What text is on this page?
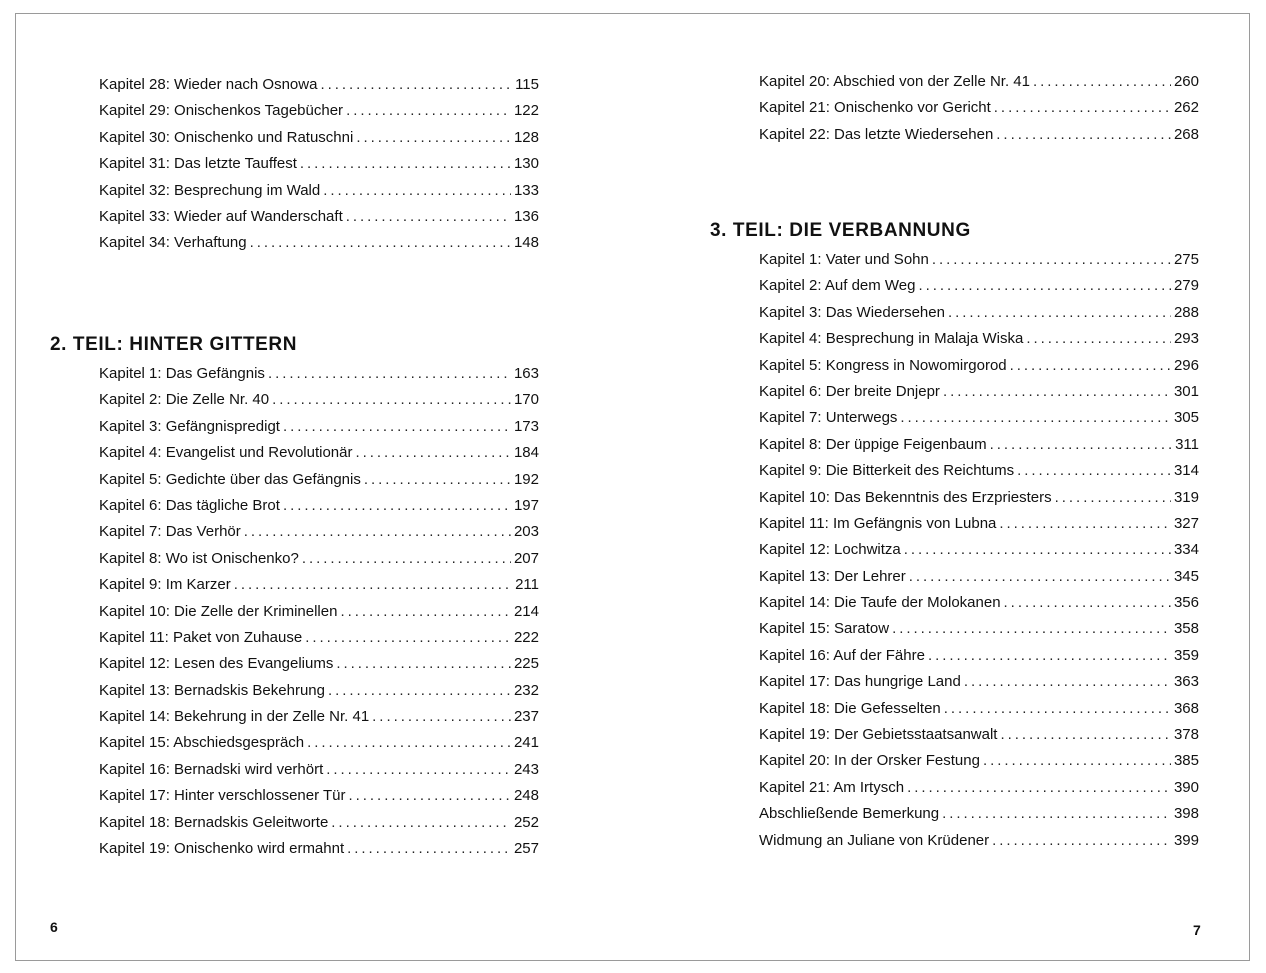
Kapitel 28: Wieder nach Osnowa . . .	115
Kapitel 29: Onischenkos Tagebücher . . .	122
Kapitel 30: Onischenko und Ratuschni . . .	128
Kapitel 31: Das letzte Tauffest . . .	130
Kapitel 32: Besprechung im Wald . . .	133
Kapitel 33: Wieder auf Wanderschaft . . .	136
Kapitel 34: Verhaftung . . .	148
2. TEIL: HINTER GITTERN
Kapitel 1: Das Gefängnis . . .	163
Kapitel 2: Die Zelle Nr. 40 . . .	170
Kapitel 3: Gefängnispredigt . . .	173
Kapitel 4: Evangelist und Revolutionär . . .	184
Kapitel 5: Gedichte über das Gefängnis . . .	192
Kapitel 6: Das tägliche Brot . . .	197
Kapitel 7: Das Verhör . . .	203
Kapitel 8: Wo ist Onischenko? . . .	207
Kapitel 9: Im Karzer . . .	211
Kapitel 10: Die Zelle der Kriminellen . . .	214
Kapitel 11: Paket von Zuhause . . .	222
Kapitel 12: Lesen des Evangeliums . . .	225
Kapitel 13: Bernadskis Bekehrung . . .	232
Kapitel 14: Bekehrung in der Zelle Nr. 41 . . .	237
Kapitel 15: Abschiedsgespräch . . .	241
Kapitel 16: Bernadski wird verhört . . .	243
Kapitel 17: Hinter verschlossener Tür . . .	248
Kapitel 18: Bernadskis Geleitworte . . .	252
Kapitel 19: Onischenko wird ermahnt . . .	257
6
Kapitel 20: Abschied von der Zelle Nr. 41 . . .	260
Kapitel 21: Onischenko vor Gericht . . .	262
Kapitel 22: Das letzte Wiedersehen . . .	268
3. TEIL: DIE VERBANNUNG
Kapitel 1: Vater und Sohn . . .	275
Kapitel 2: Auf dem Weg . . .	279
Kapitel 3: Das Wiedersehen . . .	288
Kapitel 4: Besprechung in Malaja Wiska . . .	293
Kapitel 5: Kongress in Nowomirgorod . . .	296
Kapitel 6: Der breite Dnjepr . . .	301
Kapitel 7: Unterwegs . . .	305
Kapitel 8: Der üppige Feigenbaum . . .	311
Kapitel 9: Die Bitterkeit des Reichtums . . .	314
Kapitel 10: Das Bekenntnis des Erzpriesters . . .	319
Kapitel 11: Im Gefängnis von Lubna . . .	327
Kapitel 12: Lochwitza . . .	334
Kapitel 13: Der Lehrer . . .	345
Kapitel 14: Die Taufe der Molokanen . . .	356
Kapitel 15: Saratow . . .	358
Kapitel 16: Auf der Fähre . . .	359
Kapitel 17: Das hungrige Land . . .	363
Kapitel 18: Die Gefesselten . . .	368
Kapitel 19: Der Gebietsstaatsanwalt . . .	378
Kapitel 20: In der Orsker Festung . . .	385
Kapitel 21: Am Irtysch . . .	390
Abschließende Bemerkung . . .	398
Widmung an Juliane von Krüdener . . .	399
7
